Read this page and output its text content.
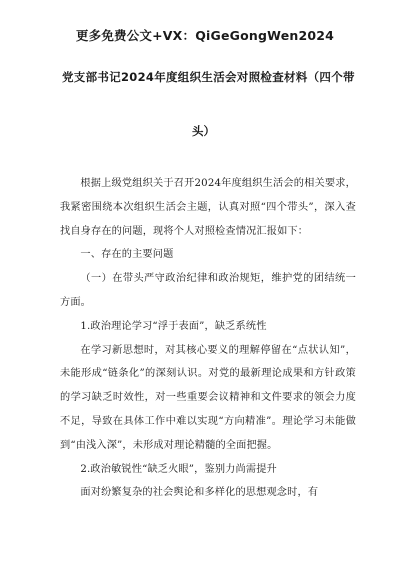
更多免费公文+VX：QiGeGongWen2024
党支部书记2024年度组织生活会对照检查材料（四个带
头）

根据上级党组织关于召开2024年度组织生活会的相关要求，我紧密围绕本次组织生活会主题，认真对照“四个带头”，深入查找自身存在的问题，现将个人对照检查情况汇报如下：

一、存在的主要问题

（一）在带头严守政治纪律和政治规矩，维护党的团结统一方面。

1.政治理论学习“浮于表面”，缺乏系统性

在学习新思想时，对其核心要义的理解停留在“点状认知”，未能形成“链条化”的深刻认识。对党的最新理论成果和方针政策的学习缺乏时效性，对一些重要会议精神和文件要求的领会力度不足，导致在具体工作中难以实现“方向精准”。理论学习未能做到“由浅入深”，未形成对理论精髓的全面把握。

2.政治敏锐性“缺乏火眼”，鉴别力尚需提升

面对纷繁复杂的社会舆论和多样化的思想观念时，有
